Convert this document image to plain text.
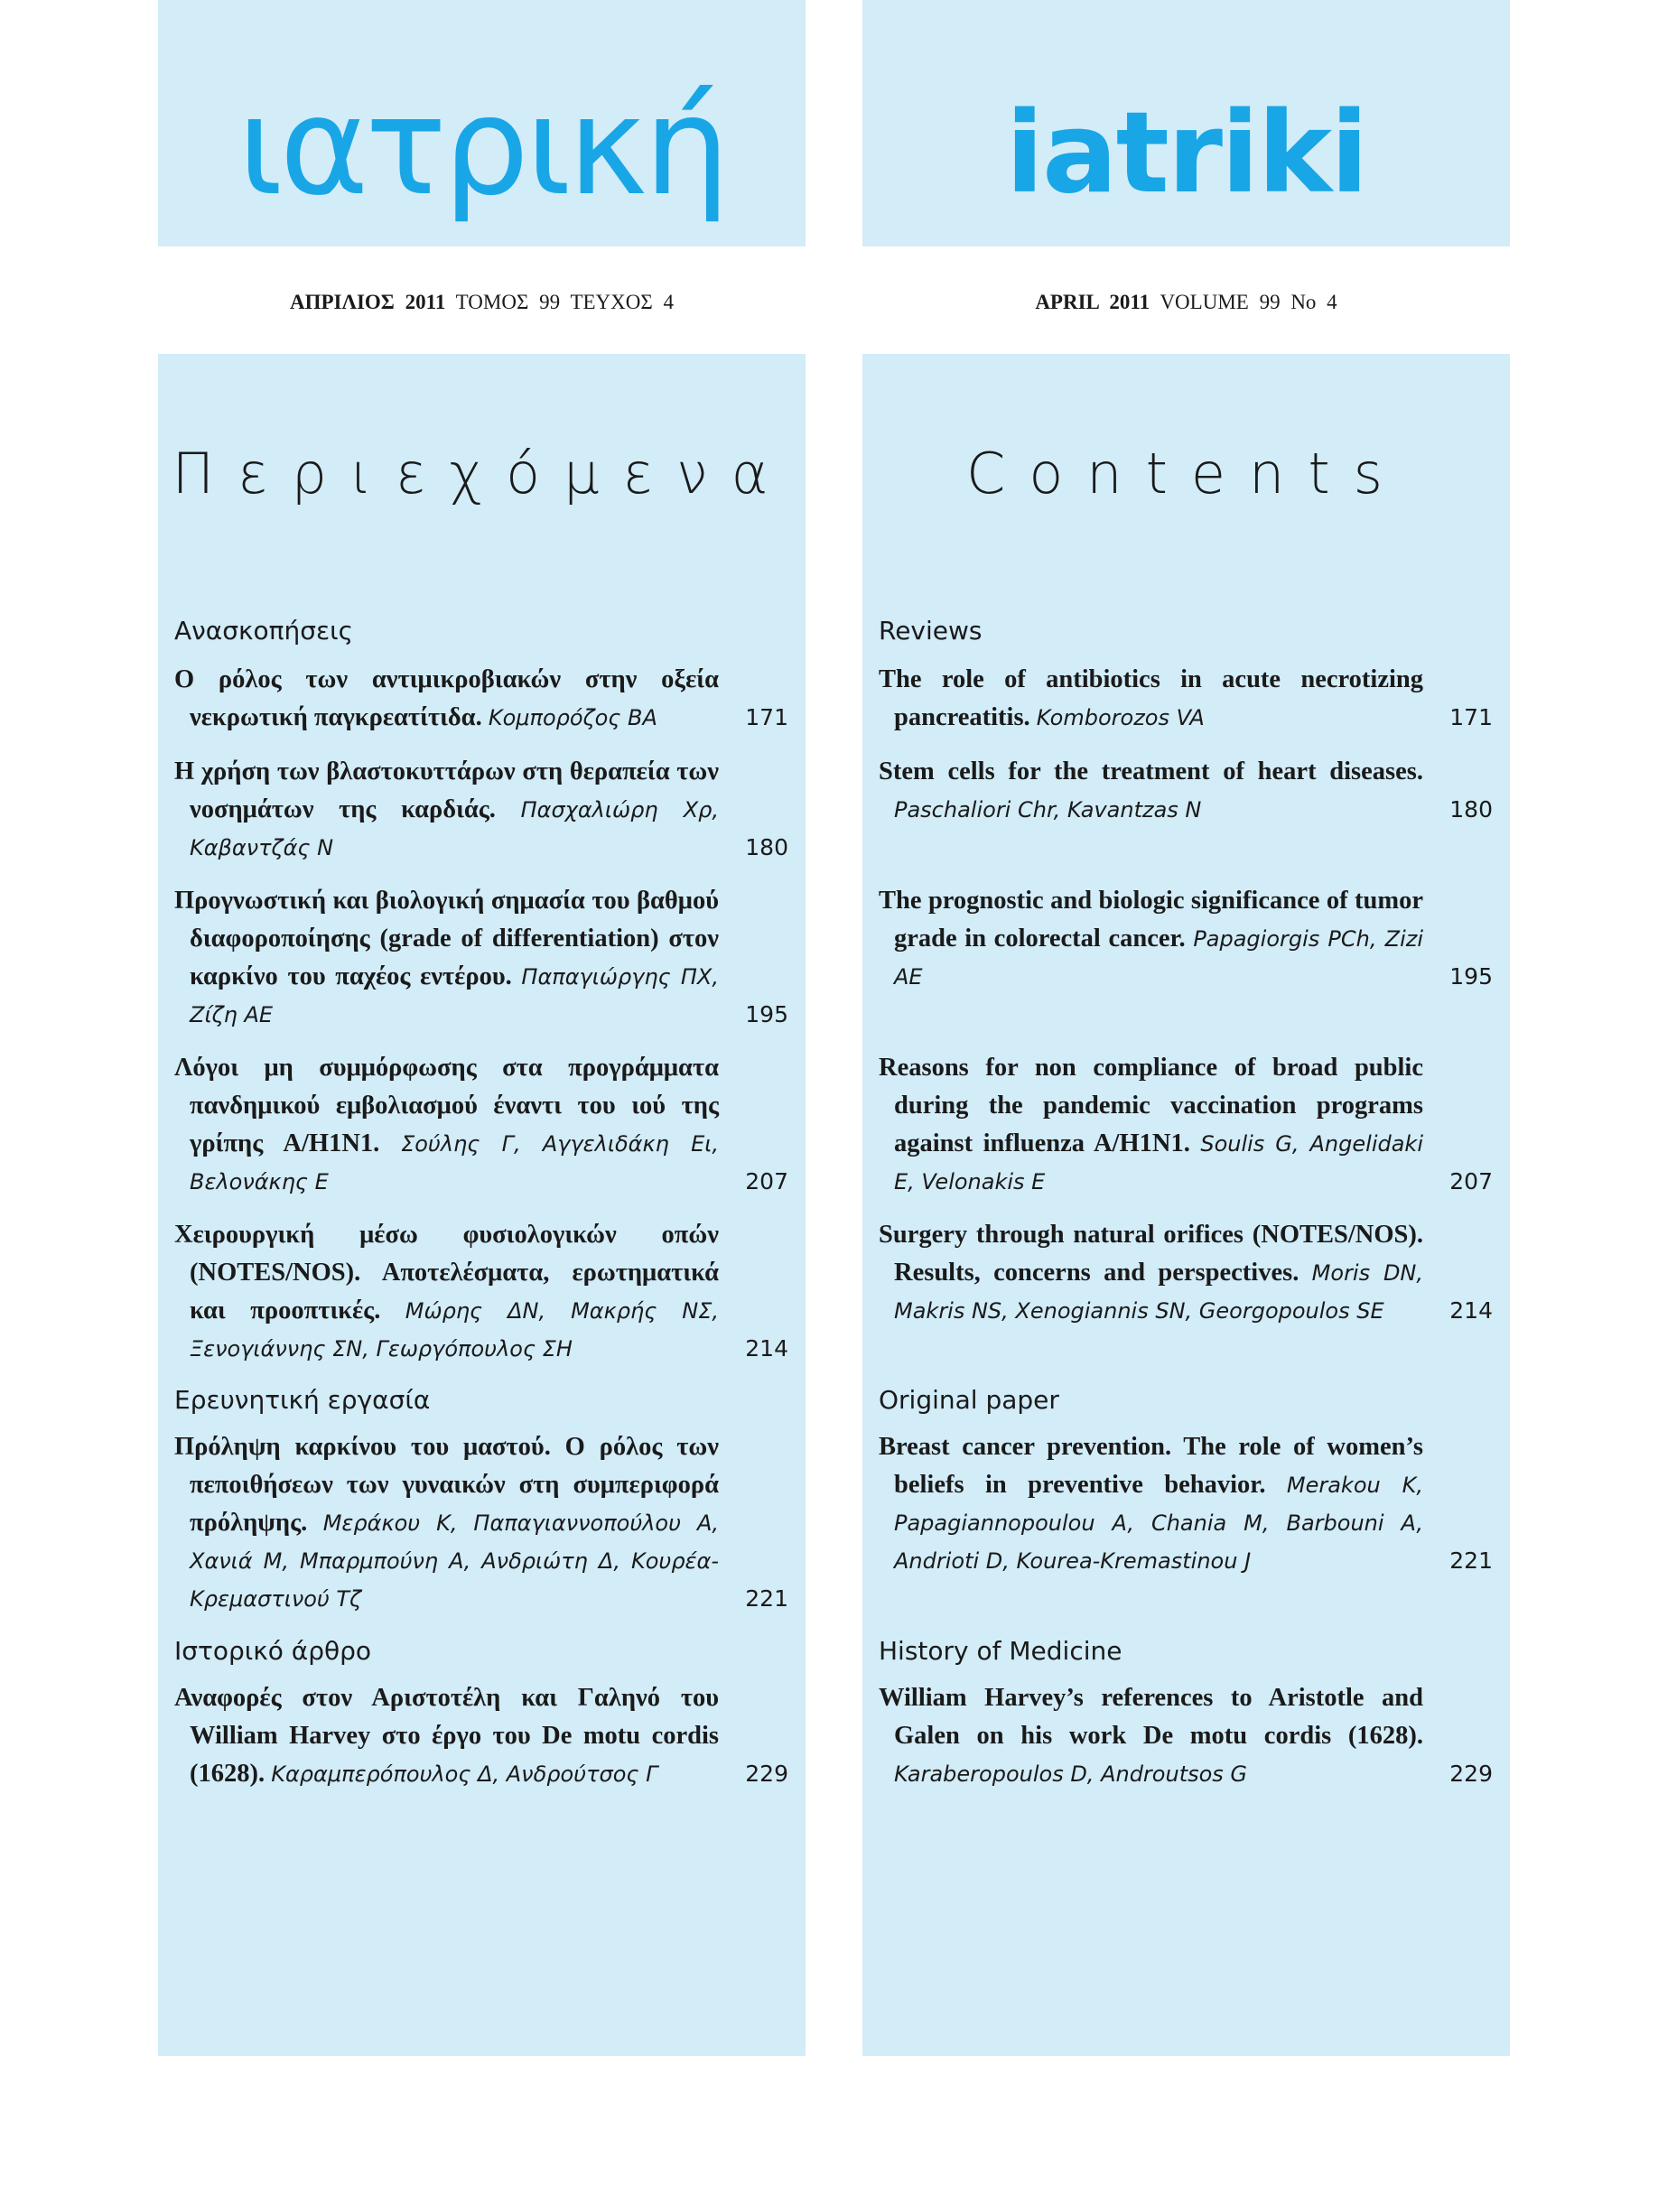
ιατρική	iatriki
ΑΠΡΙΛΙΟΣ 2011 ΤΟΜΟΣ 99 ΤΕΥΧΟΣ 4	APRIL 2011 VOLUME 99 No 4
Περιεχόμενα
Ανασκοπήσεις
Ο ρόλος των αντιμικροβιακών στην οξεία νεκρωτική παγκρεατίτιδα. Κομπορόζος ΒΑ	171
Η χρήση των βλαστοκυττάρων στη θεραπεία των νοσημάτων της καρδιάς. Πασχαλιώρη Χρ, Καβαντζάς Ν	180
Προγνωστική και βιολογική σημασία του βαθμού διαφοροποίησης (grade of differentiation) στον καρκίνο του παχέος εντέρου. Παπαγιώργης ΠΧ, Ζίζη ΑΕ	195
Λόγοι μη συμμόρφωσης στα προγράμματα πανδημικού εμβολιασμού έναντι του ιού της γρίπης Α/H1N1. Σούλης Γ, Αγγελιδάκη Ει, Βελονάκης Ε	207
Χειρουργική μέσω φυσιολογικών οπών (NOTES/NOS). Αποτελέσματα, ερωτηματικά και προοπτικές. Μώρης ΔΝ, Μακρής ΝΣ, Ξενογιάννης ΣΝ, Γεωργόπουλος ΣΗ	214
Ερευνητική εργασία
Πρόληψη καρκίνου του μαστού. Ο ρόλος των πεποιθήσεων των γυναικών στη συμπεριφορά πρόληψης. Μεράκου Κ, Παπαγιαννοπούλου Α, Χανιά Μ, Μπαρμπούνη Α, Ανδριώτη Δ, Κουρέα-Κρεμαστινού Τζ	221
Ιστορικό άρθρο
Αναφορές στον Αριστοτέλη και Γαληνό του William Harvey στο έργο του De motu cordis (1628). Καραμπερόπουλος Δ, Ανδρούτσος Γ	229
Contents
Reviews
The role of antibiotics in acute necrotizing pancreatitis. Komborozos VA	171
Stem cells for the treatment of heart diseases. Paschaliori Chr, Kavantzas N	180
The prognostic and biologic significance of tumor grade in colorectal cancer. Papagiorgis PCh, Zizi AE	195
Reasons for non compliance of broad public during the pandemic vaccination programs against influenza A/H1N1. Soulis G, Angelidaki E, Velonakis E	207
Surgery through natural orifices (NOTES/NOS). Results, concerns and perspectives. Moris DN, Makris NS, Xenogiannis SN, Georgopoulos SE	214
Original paper
Breast cancer prevention. The role of women’s beliefs in preventive behavior. Merakou K, Papagiannopoulou A, Chania M, Barbouni A, Andrioti D, Kourea-Kremastinou J	221
History of Medicine
William Harvey’s references to Aristotle and Galen on his work De motu cordis (1628). Karaberopoulos D, Androutsos G	229
